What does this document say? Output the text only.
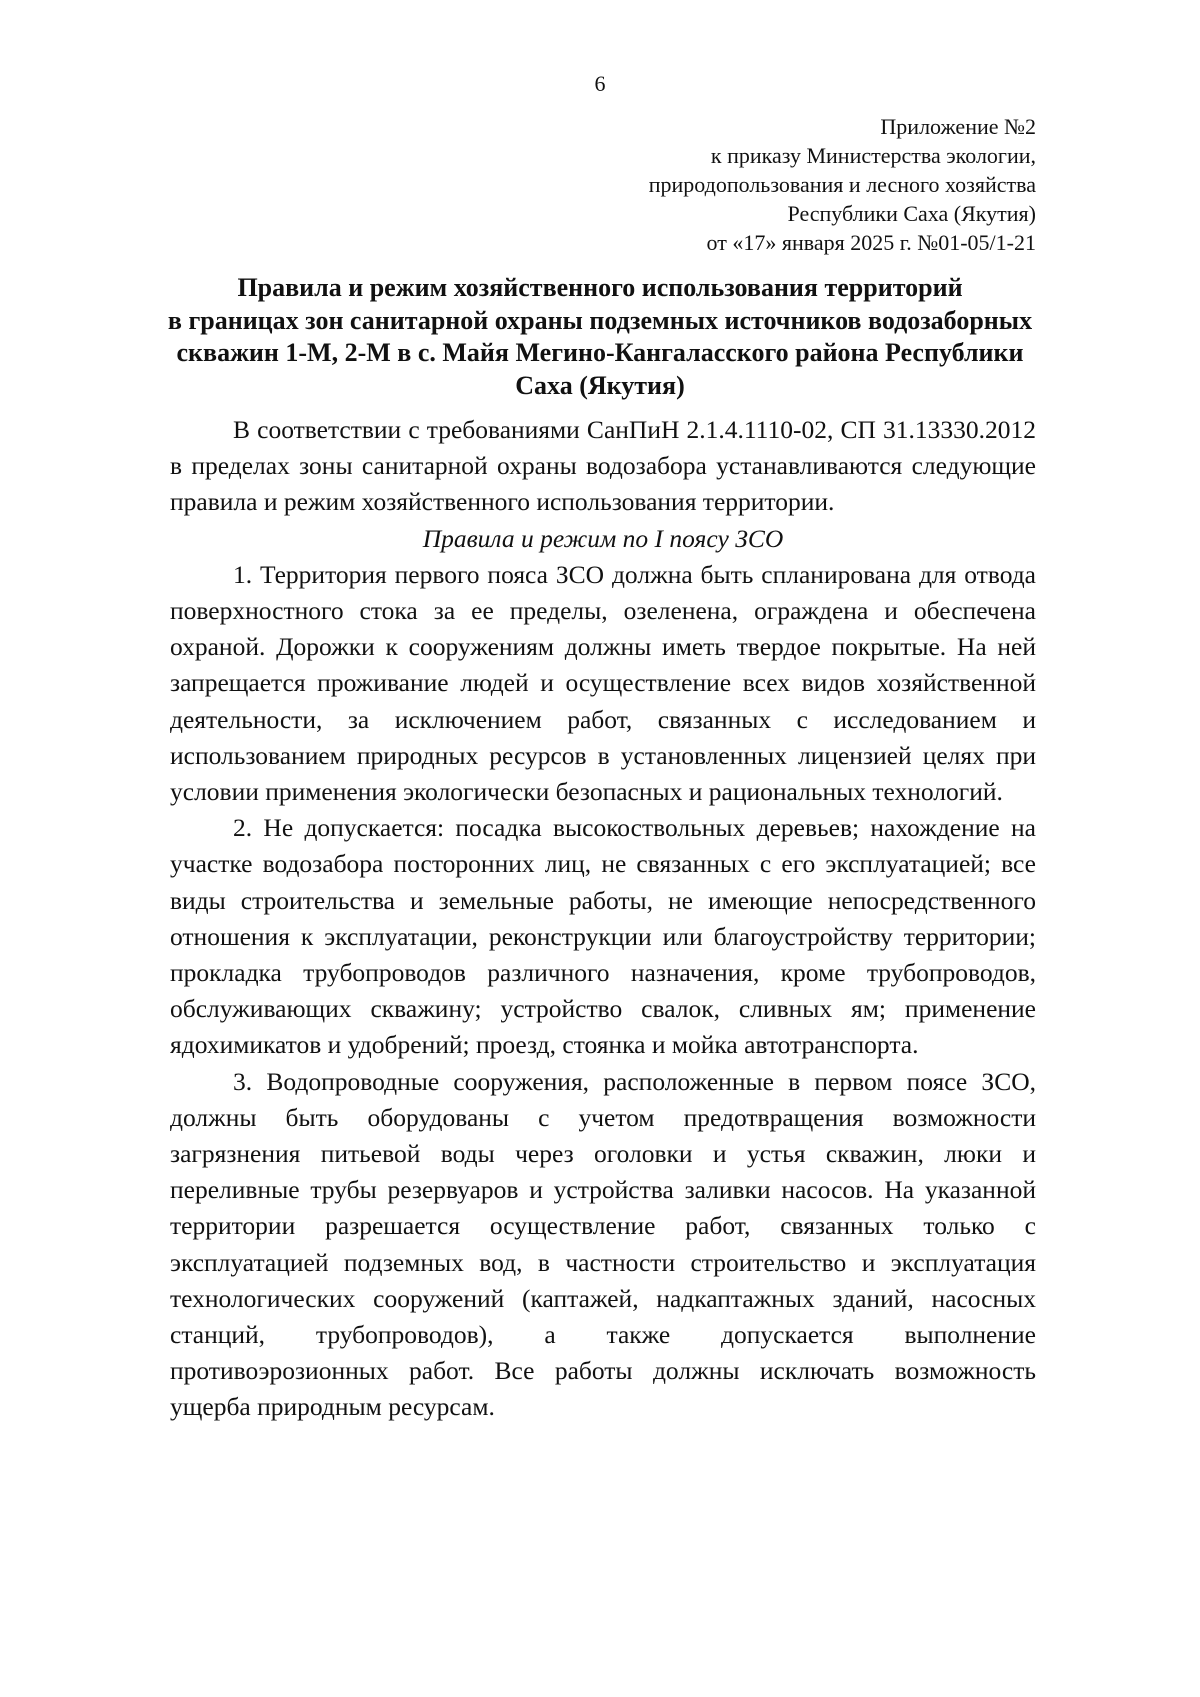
6
Приложение №2
к приказу Министерства экологии,
природопользования и лесного хозяйства
Республики Саха (Якутия)
от «17» января 2025 г. №01-05/1-21
Правила и режим хозяйственного использования территорий
в границах зон санитарной охраны подземных источников водозаборных
скважин 1-М, 2-М в с. Майя Мегино-Кангаласского района Республики
Саха (Якутия)

В соответствии с требованиями СанПиН 2.1.4.1110-02, СП 31.13330.2012 в пределах зоны санитарной охраны водозабора устанавливаются следующие правила и режим хозяйственного использования территории.

Правила и режим по I поясу ЗСО

1. Территория первого пояса ЗСО должна быть спланирована для отвода поверхностного стока за ее пределы, озеленена, ограждена и обеспечена охраной. Дорожки к сооружениям должны иметь твердое покрытые. На ней запрещается проживание людей и осуществление всех видов хозяйственной деятельности, за исключением работ, связанных с исследованием и использованием природных ресурсов в установленных лицензией целях при условии применения экологически безопасных и рациональных технологий.

2. Не допускается: посадка высокоствольных деревьев; нахождение на участке водозабора посторонних лиц, не связанных с его эксплуатацией; все виды строительства и земельные работы, не имеющие непосредственного отношения к эксплуатации, реконструкции или благоустройству территории; прокладка трубопроводов различного назначения, кроме трубопроводов, обслуживающих скважину; устройство свалок, сливных ям; применение ядохимикатов и удобрений; проезд, стоянка и мойка автотранспорта.

3. Водопроводные сооружения, расположенные в первом поясе ЗСО, должны быть оборудованы с учетом предотвращения возможности загрязнения питьевой воды через оголовки и устья скважин, люки и переливные трубы резервуаров и устройства заливки насосов. На указанной территории разрешается осуществление работ, связанных только с эксплуатацией подземных вод, в частности строительство и эксплуатация технологических сооружений (каптажей, надкаптажных зданий, насосных станций, трубопроводов), а также допускается выполнение противоэрозионных работ. Все работы должны исключать возможность ущерба природным ресурсам.
